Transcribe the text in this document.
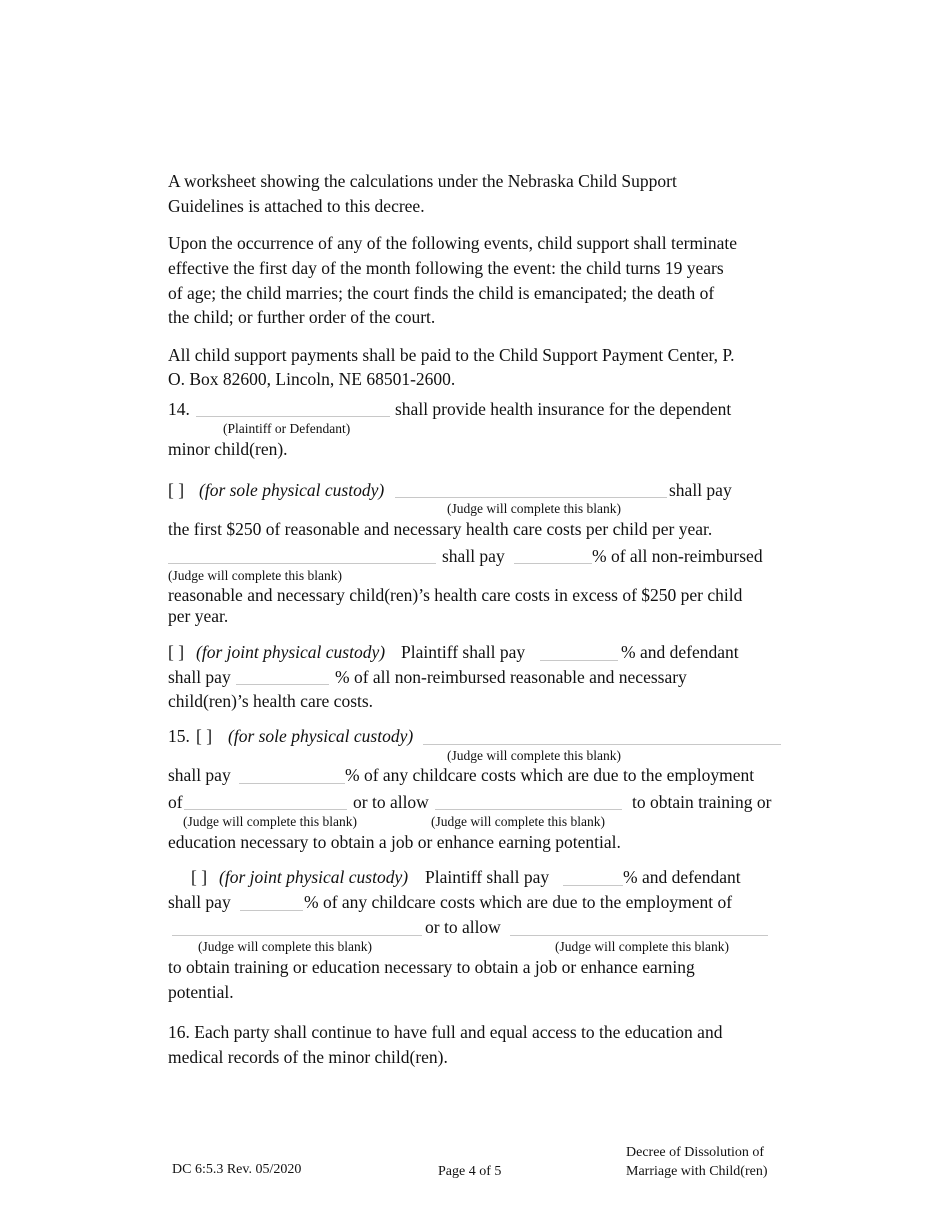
A worksheet showing the calculations under the Nebraska Child Support
Guidelines is attached to this decree.
Upon the occurrence of any of the following events, child support shall terminate
effective the first day of the month following the event: the child turns 19 years
of age; the child marries; the court finds the child is emancipated; the death of
the child; or further order of the court.
All child support payments shall be paid to the Child Support Payment Center, P.
O. Box 82600, Lincoln, NE 68501-2600.
14.	shall provide health insurance for the dependent
(Plaintiff or Defendant)
minor child(ren).
[ ] (for sole physical custody)	shall pay
(Judge will complete this blank)
the first $250 of reasonable and necessary health care costs per child per year.
shall pay	% of all non-reimbursed
(Judge will complete this blank)
reasonable and necessary child(ren)’s health care costs in excess of $250 per child
per year.
[ ] (for joint physical custody) Plaintiff shall pay	% and defendant
shall pay	% of all non-reimbursed reasonable and necessary
child(ren)’s health care costs.
15. [ ] (for sole physical custody)
(Judge will complete this blank)
shall pay	% of any childcare costs which are due to the employment
of	or to allow	to obtain training or
(Judge will complete this blank)	(Judge will complete this blank)
education necessary to obtain a job or enhance earning potential.
[ ] (for joint physical custody) Plaintiff shall pay	% and defendant
shall pay	% of any childcare costs which are due to the employment of
or to allow
(Judge will complete this blank)	(Judge will complete this blank)
to obtain training or education necessary to obtain a job or enhance earning
potential.
16. Each party shall continue to have full and equal access to the education and
medical records of the minor child(ren).
DC 6:5.3 Rev. 05/2020	Page 4 of 5
Decree of Dissolution of
Marriage with Child(ren)
